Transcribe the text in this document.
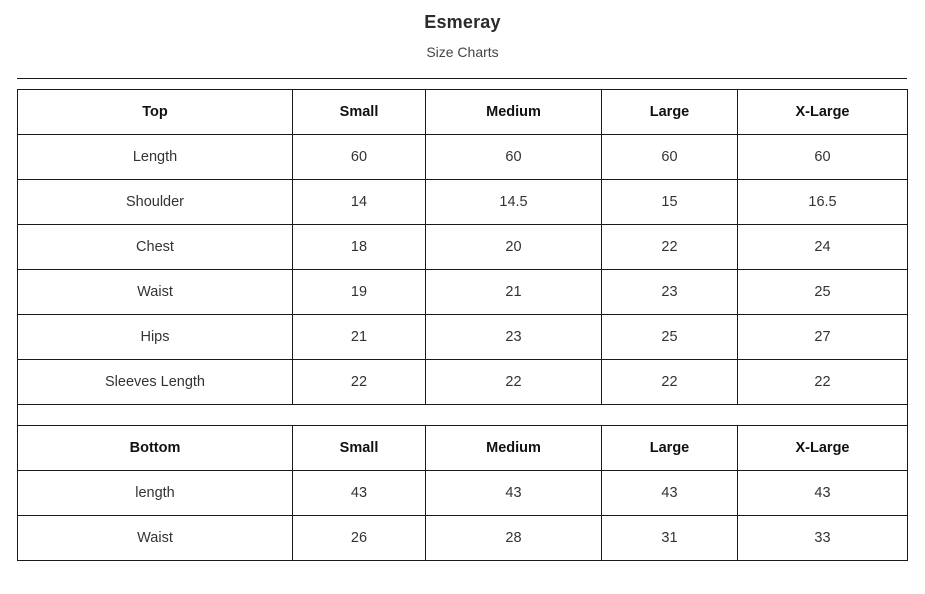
Esmeray
Size Charts
Top	Small	Medium	Large	X-Large
Length	60	60	60	60
Shoulder	14	14.5	15	16.5
Chest	18	20	22	24
Waist	19	21	23	25
Hips	21	23	25	27
Sleeves Length	22	22	22	22

Bottom	Small	Medium	Large	X-Large
length	43	43	43	43
Waist	26	28	31	33
